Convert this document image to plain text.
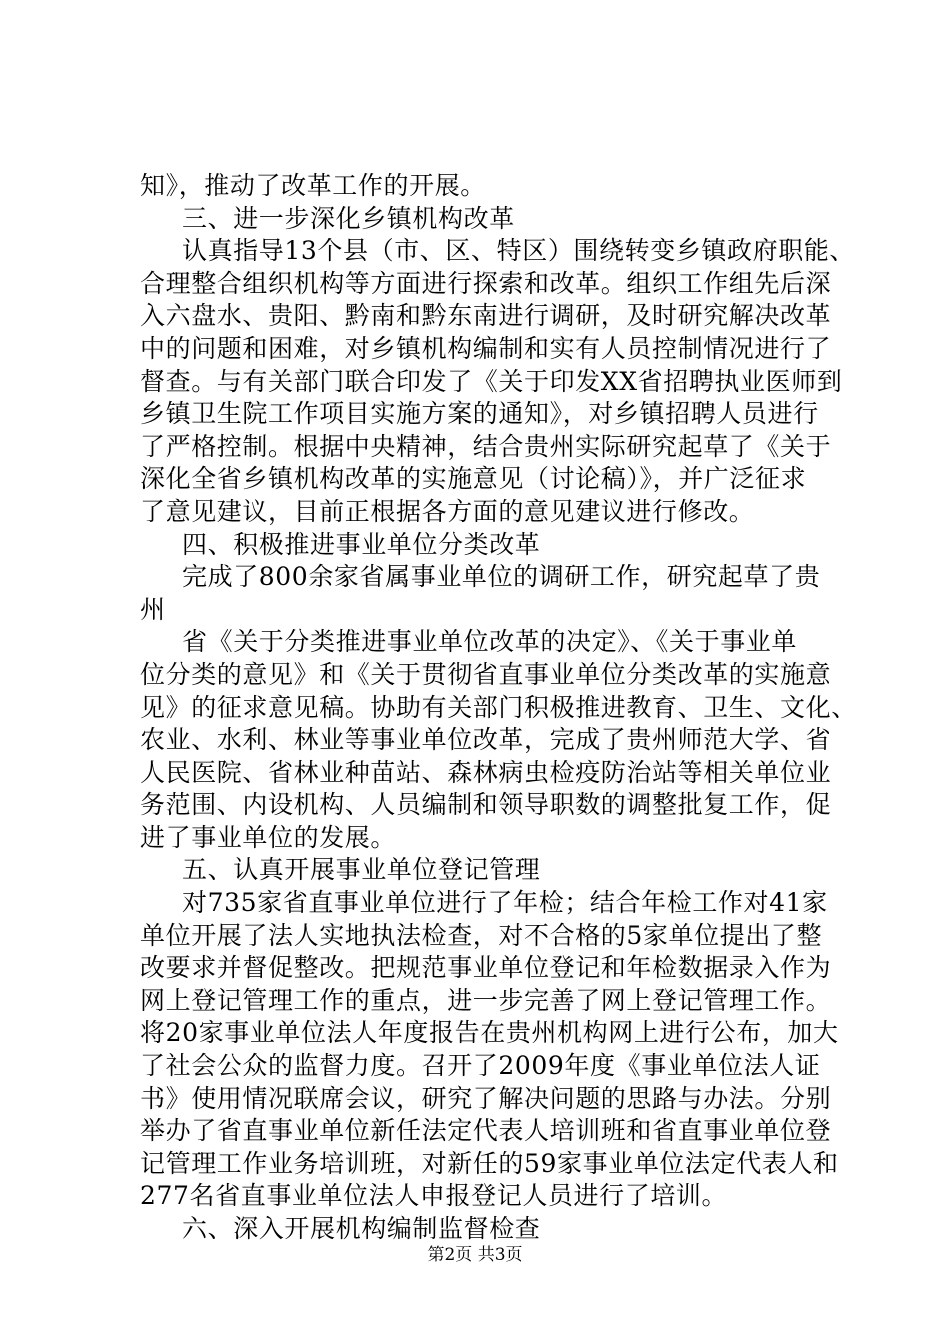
知》，推动了改革工作的开展。

三、进一步深化乡镇机构改革

认真指导13个县（市、区、特区）围绕转变乡镇政府职能、

合理整合组织机构等方面进行探索和改革。组织工作组先后深

入六盘水、贵阳、黔南和黔东南进行调研，及时研究解决改革

中的问题和困难，对乡镇机构编制和实有人员控制情况进行了

督查。与有关部门联合印发了《关于印发XX省招聘执业医师到

乡镇卫生院工作项目实施方案的通知》，对乡镇招聘人员进行

了严格控制。根据中央精神，结合贵州实际研究起草了《关于

深化全省乡镇机构改革的实施意见（讨论稿）》，并广泛征求

了意见建议，目前正根据各方面的意见建议进行修改。

四、积极推进事业单位分类改革

完成了800余家省属事业单位的调研工作，研究起草了贵

州

省《关于分类推进事业单位改革的决定》、《关于事业单

位分类的意见》和《关于贯彻省直事业单位分类改革的实施意

见》的征求意见稿。协助有关部门积极推进教育、卫生、文化、

农业、水利、林业等事业单位改革，完成了贵州师范大学、省

人民医院、省林业种苗站、森林病虫检疫防治站等相关单位业

务范围、内设机构、人员编制和领导职数的调整批复工作，促

进了事业单位的发展。

五、认真开展事业单位登记管理

对735家省直事业单位进行了年检；结合年检工作对41家

单位开展了法人实地执法检查，对不合格的5家单位提出了整

改要求并督促整改。把规范事业单位登记和年检数据录入作为

网上登记管理工作的重点，进一步完善了网上登记管理工作。

将20家事业单位法人年度报告在贵州机构网上进行公布，加大

了社会公众的监督力度。召开了2009年度《事业单位法人证

书》使用情况联席会议，研究了解决问题的思路与办法。分别

举办了省直事业单位新任法定代表人培训班和省直事业单位登

记管理工作业务培训班，对新任的59家事业单位法定代表人和

277名省直事业单位法人申报登记人员进行了培训。

六、深入开展机构编制监督检查

第2页 共3页
